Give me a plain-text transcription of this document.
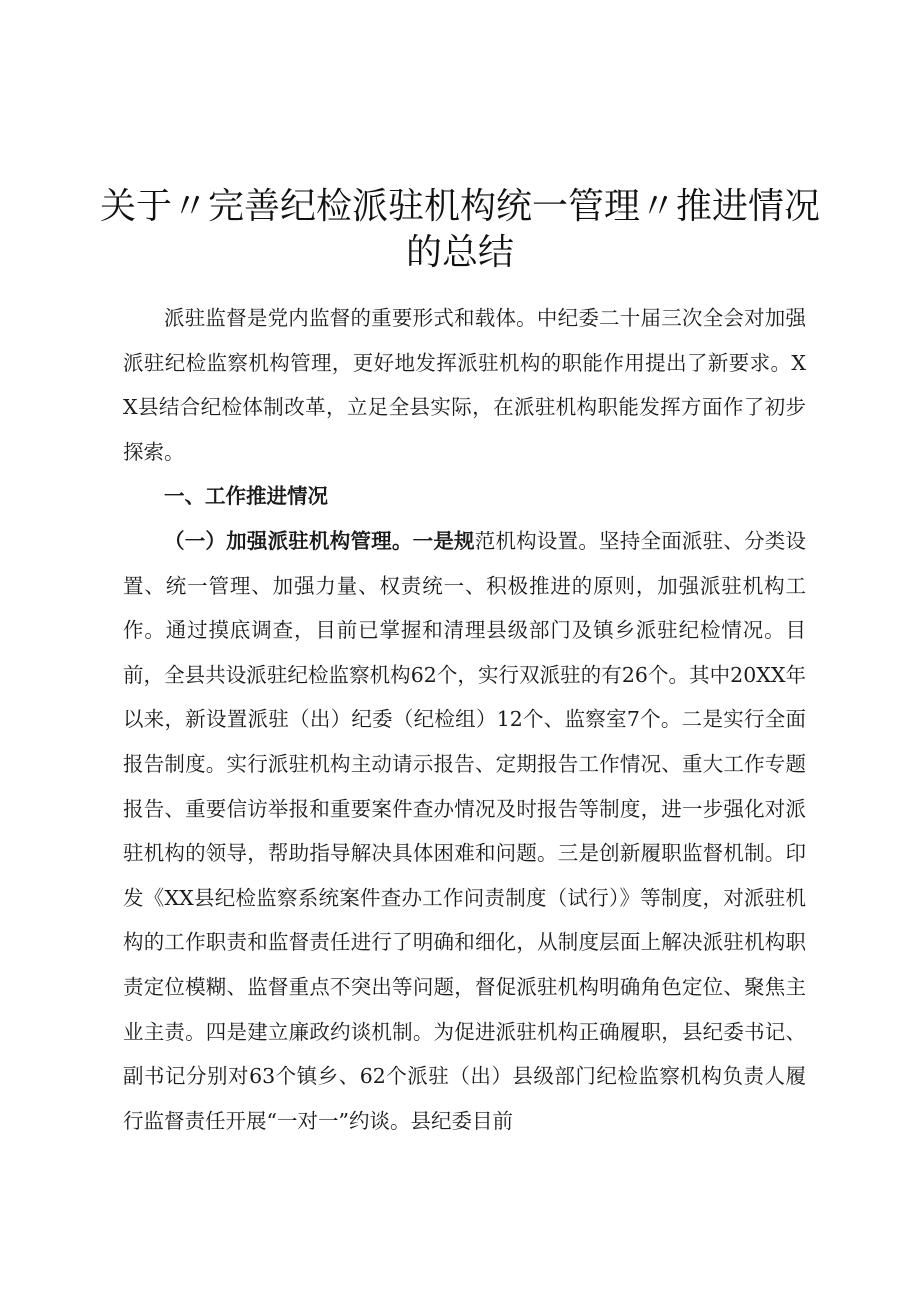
关于〃完善纪检派驻机构统一管理〃推进情况
的总结

派驻监督是党内监督的重要形式和载体。中纪委二十届三次全会对加强派驻纪检监察机构管理，更好地发挥派驻机构的职能作用提出了新要求。XX县结合纪检体制改革，立足全县实际，在派驻机构职能发挥方面作了初步探索。

一、工作推进情况

（一）加强派驻机构管理。一是规范机构设置。坚持全面派驻、分类设置、统一管理、加强力量、权责统一、积极推进的原则，加强派驻机构工作。通过摸底调查，目前已掌握和清理县级部门及镇乡派驻纪检情况。目前，全县共设派驻纪检监察机构62个，实行双派驻的有26个。其中20XX年以来，新设置派驻（出）纪委（纪检组）12个、监察室7个。二是实行全面报告制度。实行派驻机构主动请示报告、定期报告工作情况、重大工作专题报告、重要信访举报和重要案件查办情况及时报告等制度，进一步强化对派驻机构的领导，帮助指导解决具体困难和问题。三是创新履职监督机制。印发《XX县纪检监察系统案件查办工作问责制度（试行）》等制度，对派驻机构的工作职责和监督责任进行了明确和细化，从制度层面上解决派驻机构职责定位模糊、监督重点不突出等问题，督促派驻机构明确角色定位、聚焦主业主责。四是建立廉政约谈机制。为促进派驻机构正确履职，县纪委书记、副书记分别对63个镇乡、62个派驻（出）县级部门纪检监察机构负责人履行监督责任开展“一对一”约谈。县纪委目前
